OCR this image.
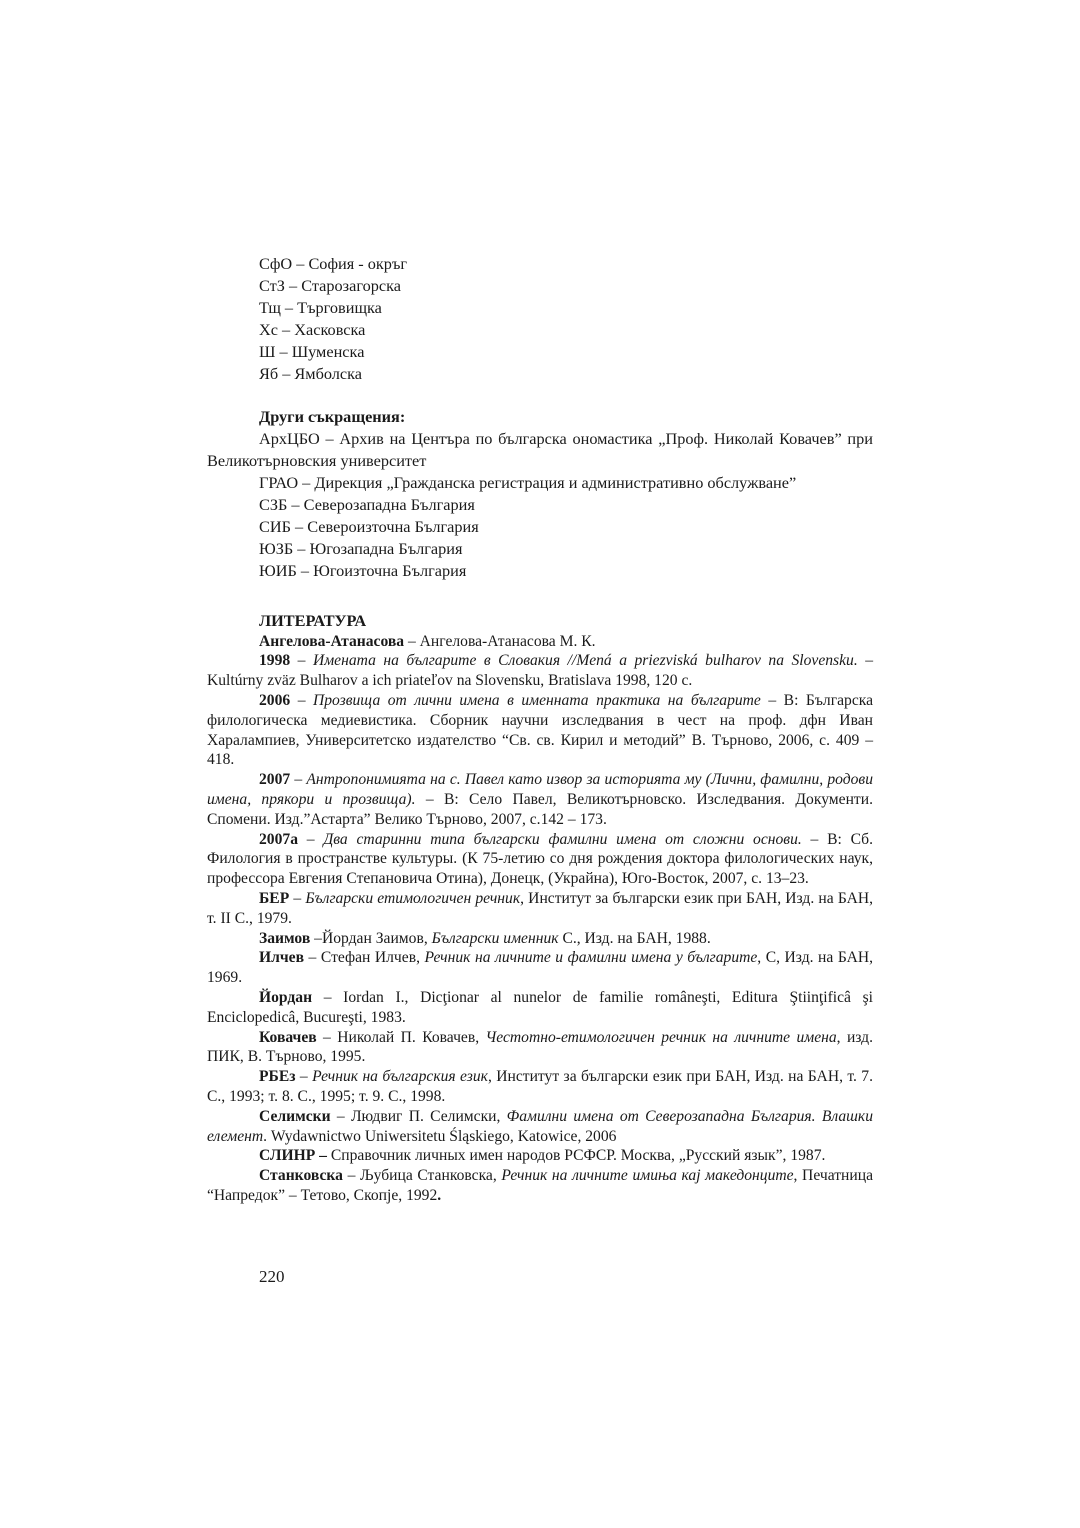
СфО – София - окръг
СтЗ – Старозагорска
Тщ – Търговищка
Хс – Хасковска
Ш – Шуменска
Яб – Ямболска
Други съкращения:
АрхЦБО – Архив на Центъра по българска ономастика „Проф. Николай Ковачев” при Великотърновския университет
ГРАО – Дирекция „Гражданска регистрация и административно обслужване”
СЗБ – Северозападна България
СИБ – Североизточна България
ЮЗБ – Югозападна България
ЮИБ – Югоизточна България
ЛИТЕРАТУРА
Ангелова-Атанасова – Ангелова-Атанасова М. К.
1998 – Имената на българите в Словакия //Mená a priezviská bulharov na Slovensku. – Kultúrny zväz Bulharov a ich priateľov na Slovensku, Bratislava 1998, 120 с.
2006 – Прозвища от лични имена в именната практика на българите – В: Българска филологическа медиевистика. Сборник научни изследвания в чест на проф. дфн Иван Харалампиев, Университетско издателство “Св. св. Кирил и методий” В. Търново, 2006, с. 409 – 418.
2007 – Антропонимията на с. Павел като извор за историята му (Лични, фамилни, родови имена, прякори и прозвища). – В: Село Павел, Великотърновско. Изследвания. Документи. Спомени. Изд.”Астарта” Велико Търново, 2007, с.142 – 173.
2007а – Два старинни типа български фамилни имена от сложни основи. – В: Сб. Филология в пространстве культуры. (К 75-летию со дня рождения доктора филологических наук, профессора Евгения Степановича Отина), Донецк, (Украйна), Юго-Восток, 2007, с. 13–23.
БЕР – Български етимологичен речник, Институт за български език при БАН, Изд. на БАН, т. II С., 1979.
Заимов –Йордан Заимов, Български именник С., Изд. на БАН, 1988.
Илчев – Стефан Илчев, Речник на личните и фамилни имена у българите, С, Изд. на БАН, 1969.
Йордан – Iordan I., Dicţionar al nunelor de familie româneşti, Editura Ştiinţificâ şi Enciclopedicâ, Bucureşti, 1983.
Ковачев – Николай П. Ковачев, Честотно-етимологичен речник на личните имена, изд. ПИК, В. Търново, 1995.
РБЕз – Речник на българския език, Институт за български език при БАН, Изд. на БАН, т. 7. С., 1993; т. 8. С., 1995; т. 9. С., 1998.
Селимски – Людвиг П. Селимски, Фамилни имена от Северозападна България. Влашки елемент. Wydawnictwo Uniwersitetu Śląskiego, Katowice, 2006
СЛИНР – Справочник личных имен народов РСФСР. Москва, „Русский язык”, 1987.
Станковска – Љубица Станковска, Речник на личните имиња кај македонците, Печатница “Напредок” – Тетово, Скопје, 1992.
220
